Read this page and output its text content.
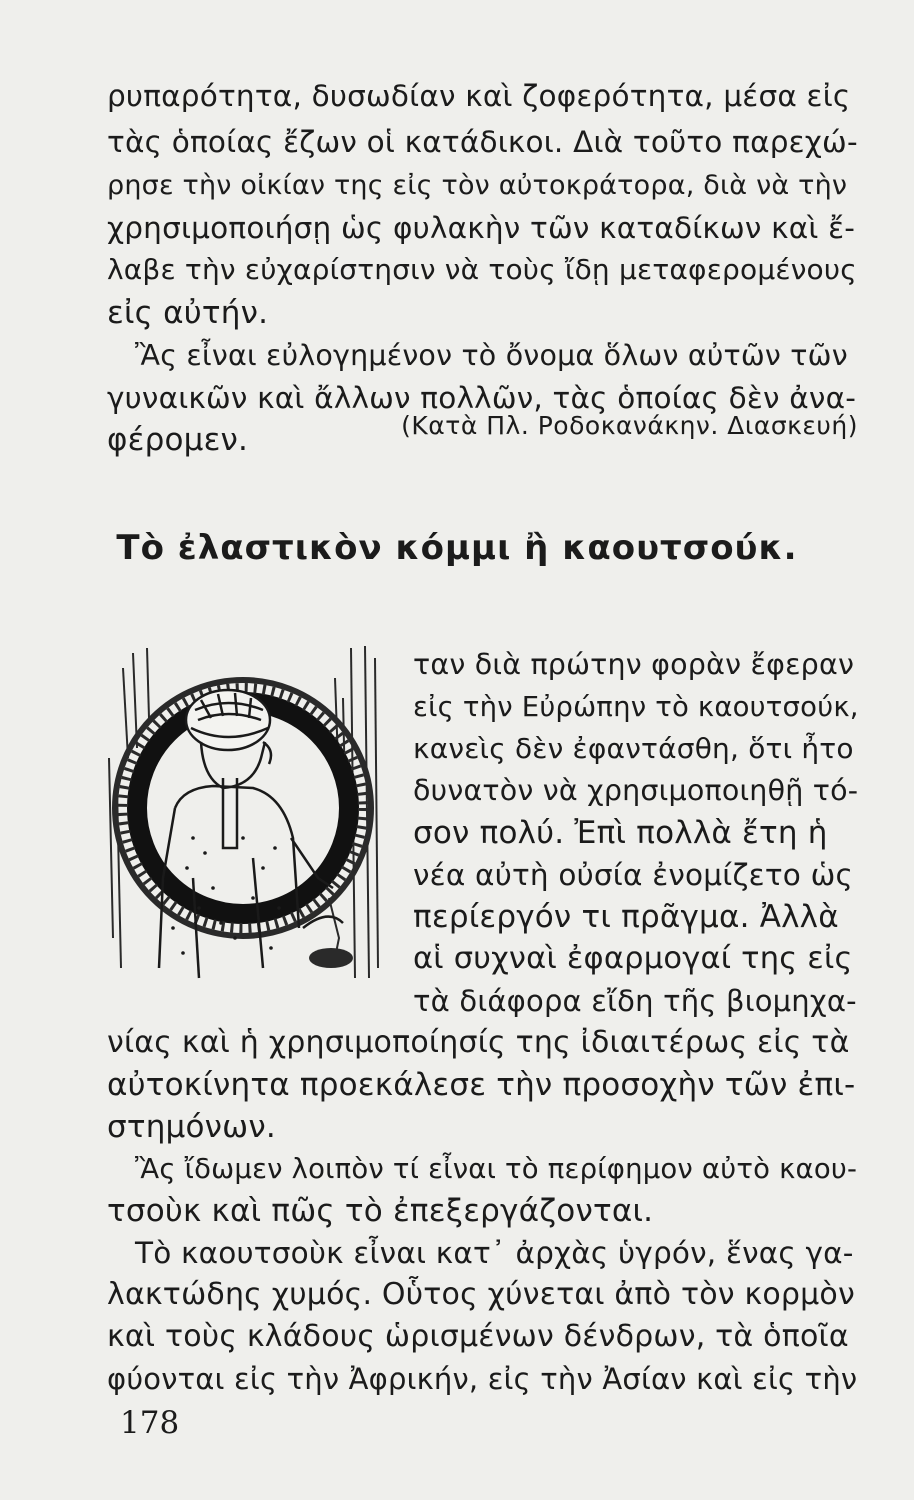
ρυπαρότητα, δυσωδίαν καὶ ζοφερότητα, μέσα εἰς
τὰς ὁποίας ἔζων οἱ κατάδικοι. Διὰ τοῦτο παρεχώ-
ρησε τὴν οἰκίαν της εἰς τὸν αὐτοκράτορα, διὰ νὰ τὴν
χρησιμοποιήσῃ ὡς φυλακὴν τῶν καταδίκων καὶ ἔ-
λαβε τὴν εὐχαρίστησιν νὰ τοὺς ἴδῃ μεταφερομένους
εἰς αὐτήν.
Ἂς εἶναι εὐλογημένον τὸ ὄνομα ὅλων αὐτῶν τῶν
γυναικῶν καὶ ἄλλων πολλῶν, τὰς ὁποίας δὲν ἀνα-
φέρομεν.	(Κατὰ Πλ. Ροδοκανάκην. Διασκευή)
Τὸ ἐλαστικὸν κόμμι ἢ καουτσούκ.
ταν διὰ πρώτην φορὰν ἔφεραν
εἰς τὴν Εὐρώπην τὸ καουτσούκ,
κανεὶς δὲν ἐφαντάσθη, ὅτι ἦτο
δυνατὸν νὰ χρησιμοποιηθῇ τό-
σον πολύ. Ἐπὶ πολλὰ ἔτη ἡ
νέα αὐτὴ οὐσία ἐνομίζετο ὡς
περίεργόν τι πρᾶγμα. Ἀλλὰ
αἱ συχναὶ ἐφαρμογαί της εἰς
τὰ διάφορα εἴδη τῆς βιομηχα-
νίας καὶ ἡ χρησιμοποίησίς της ἰδιαιτέρως εἰς τὰ
αὐτοκίνητα προεκάλεσε τὴν προσοχὴν τῶν ἐπι-
στημόνων.
Ἂς ἴδωμεν λοιπὸν τί εἶναι τὸ περίφημον αὐτὸ καου-
τσοὺκ καὶ πῶς τὸ ἐπεξεργάζονται.
Τὸ καουτσοὺκ εἶναι κατ᾿ ἀρχὰς ὑγρόν, ἕνας γα-
λακτώδης χυμός. Οὗτος χύνεται ἀπὸ τὸν κορμὸν
καὶ τοὺς κλάδους ὡρισμένων δένδρων, τὰ ὁποῖα
φύονται εἰς τὴν Ἀφρικήν, εἰς τὴν Ἀσίαν καὶ εἰς τὴν
178
